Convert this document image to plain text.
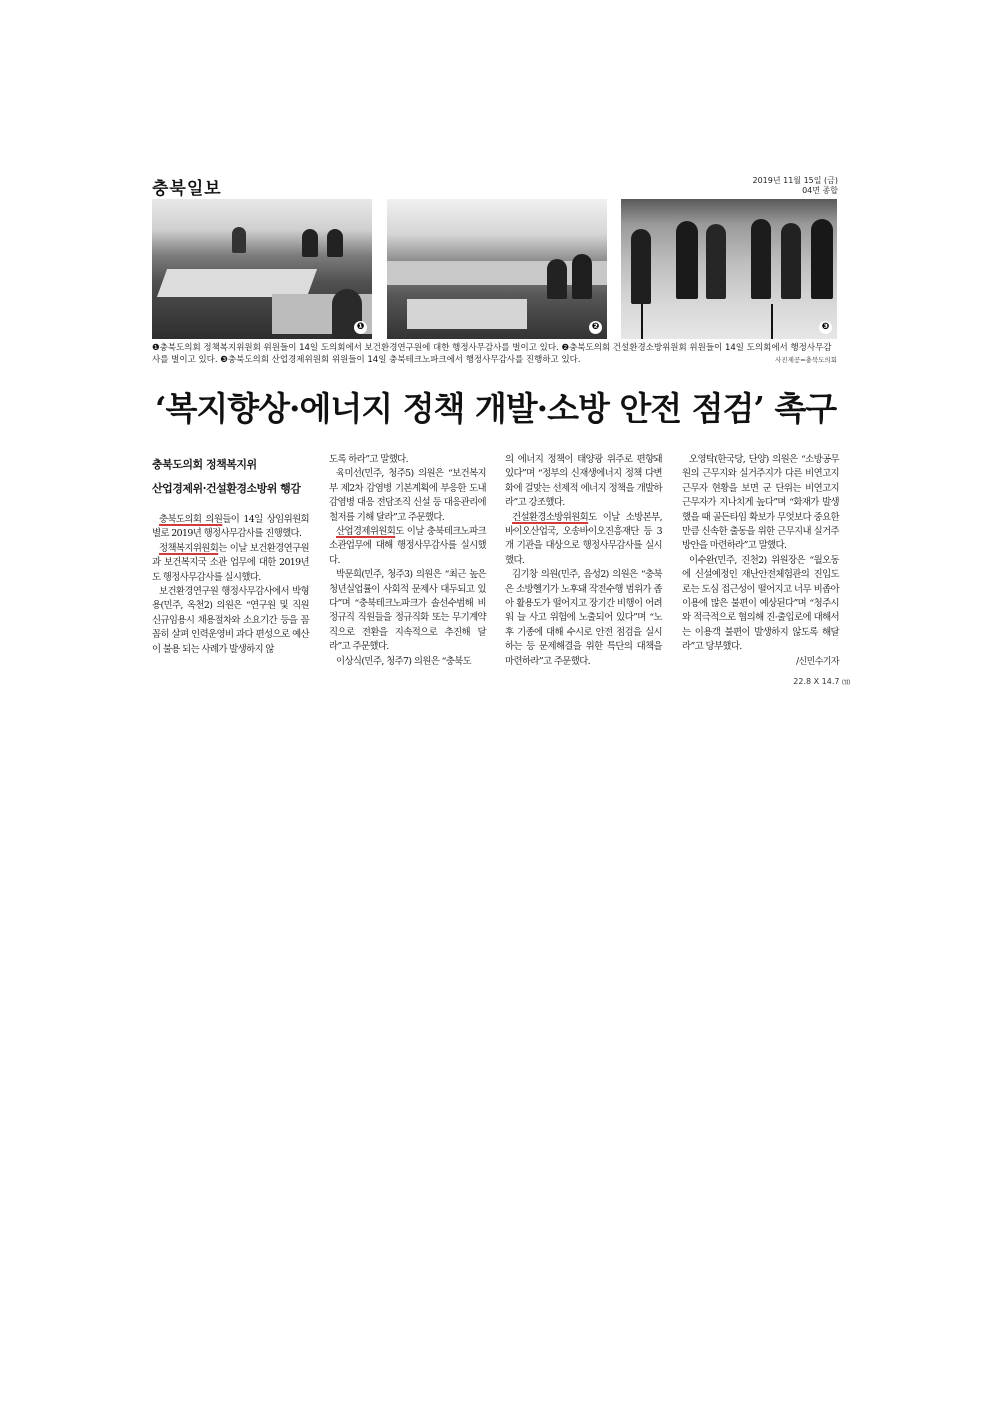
충북일보	2019년 11월 15일 (금)
04면 종합
❶	❷	❸
❶충북도의회 정책복지위원회 위원들이 14일 도의회에서 보건환경연구원에 대한 행정사무감사를 벌이고 있다. ❷충북도의회 건설환경소방위원회 위원들이 14일 도의회에서 행정사무감사를 벌이고 있다. ❸충북도의회 산업경제위원회 위원들이 14일 충북테크노파크에서 행정사무감사를 진행하고 있다.	사진제공=충북도의회
‘복지향상·에너지 정책 개발·소방 안전 점검’ 촉구
충북도의회 정책복지위
산업경제위·건설환경소방위 행감

충북도의회 의원들이 14일 상임위원회별로 2019년 행정사무감사를 진행했다.

정책복지위원회는 이날 보건환경연구원과 보건복지국 소관 업무에 대한 2019년도 행정사무감사를 실시했다.

보건환경연구원 행정사무감사에서 박형용(민주, 옥천2) 의원은 “연구원 및 직원 신규임용시 채용절차와 소요기간 등을 꼼꼼히 살펴 인력운영비 과다 편성으로 예산이 불용 되는 사례가 발생하지 않

도록 하라”고 말했다.

육미선(민주, 청주5) 의원은 “보건복지부 제2차 감염병 기본계획에 부응한 도내 감염병 대응 전담조직 신설 등 대응관리에 철저를 기해 달라”고 주문했다.

산업경제위원회도 이날 충북테크노파크 소관업무에 대해 행정사무감사를 실시했다.

박문희(민주, 청주3) 의원은 “최근 높은 청년실업률이 사회적 문제사 대두되고 있다”며 “충북테크노파크가 솔선수범해 비정규직 직원들을 정규직화 또는 무기계약직으로 전환을 지속적으로 추진해 달라”고 주문했다.

이상식(민주, 청주7) 의원은 “충북도

의 에너지 정책이 태양광 위주로 편향돼 있다”며 “정부의 신재생에너지 정책 다변화에 걸맞는 선제적 에너지 정책을 개발하라”고 강조했다.

건설환경소방위원회도 이날 소방본부, 바이오산업국, 오송바이오진흥재단 등 3개 기관을 대상으로 행정사무감사를 실시했다.

김기창 의원(민주, 음성2) 의원은 “충북은 소방헬기가 노후돼 작전수행 범위가 좁아 활용도가 떨어지고 장기간 비행이 어려워 늘 사고 위험에 노출되어 있다”며 “노후 기종에 대해 수시로 안전 점검을 실시하는 등 문제해결을 위한 특단의 대책을 마련하라”고 주문했다.

오영탁(한국당, 단양) 의원은 “소방공무원의 근무지와 실거주지가 다른 비연고지 근무자 현황을 보면 군 단위는 비연고지 근무자가 지나치게 높다”며 “화재가 발생했을 때 골든타임 확보가 무엇보다 중요한 만큼 신속한 출동을 위한 근무지내 실거주 방안을 마련하라”고 말했다.

이수완(민주, 진천2) 위원장은 “월오동에 신설예정인 재난안전체험관의 진입도로는 도심 접근성이 떨어지고 너무 비좁아 이용에 많은 불편이 예상된다”며 “청주시와 적극적으로 협의해 진·출입로에 대해서는 이용객 불편이 발생하지 않도록 해달라”고 당부했다.

/신민수기자
22.8 X 14.7 ㎝
